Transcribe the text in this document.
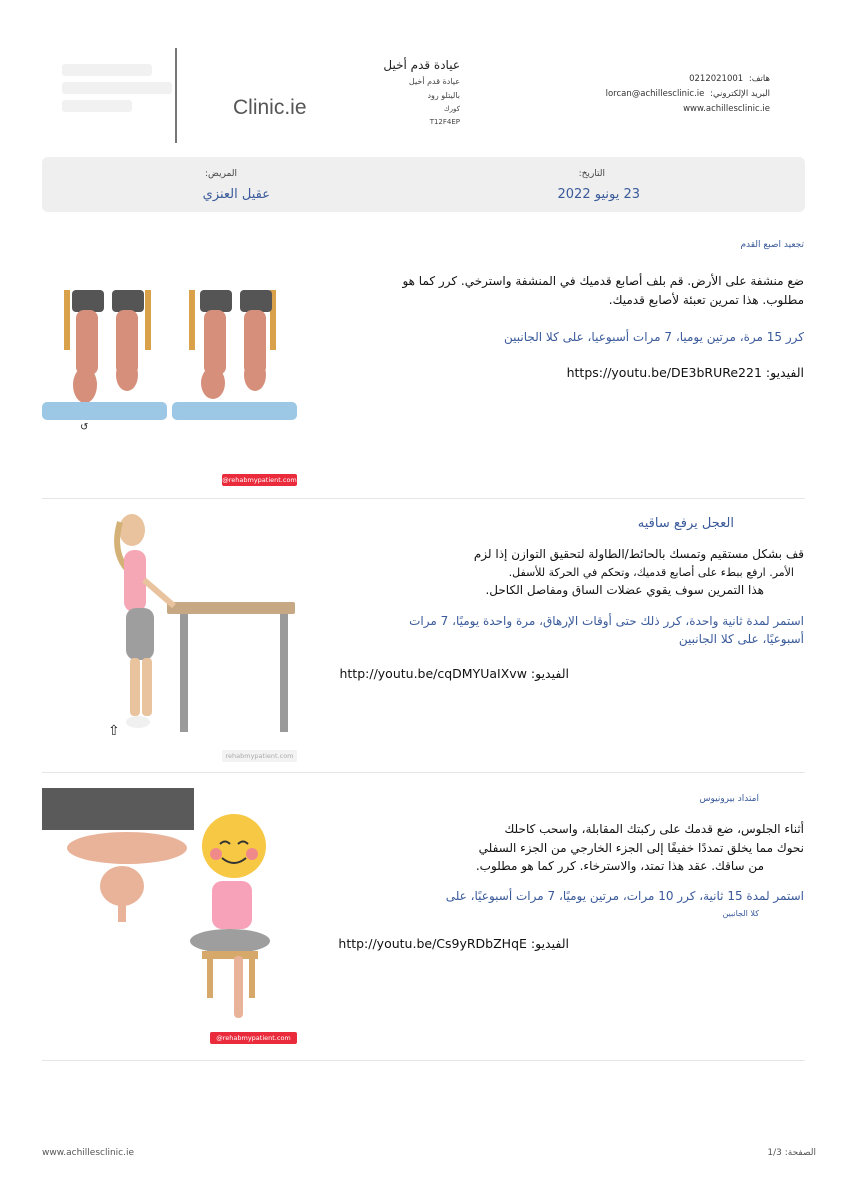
Clinic.ie
عيادة قدم أخيل
عيادة قدم أخيل
باليتلو رود
كورك
T12F4EP
هاتف: 0212021001
البريد الإلكتروني: lorcan@achillesclinic.ie
www.achillesclinic.ie
التاريخ:
23 يونيو 2022
المريض:
عقيل العنزي
↺
@rehabmypatient.com
تجعيد اصبع القدم
ضع منشفة على الأرض. قم بلف أصابع قدميك في المنشفة واسترخي. كرر كما هو مطلوب. هذا تمرين تعبئة لأصابع قدميك.
كرر 15 مرة، مرتين يوميا، 7 مرات أسبوعيا، على كلا الجانبين
الفيديو: https://youtu.be/DE3bRURe221
⇧
rehabmypatient.com
العجل يرفع ساقيه
قف بشكل مستقيم وتمسك بالحائط/الطاولة لتحقيق التوازن إذا لزم
الأمر. ارفع ببطء على أصابع قدميك، وتحكم في الحركة للأسفل.
هذا التمرين سوف يقوي عضلات الساق ومفاصل الكاحل.
استمر لمدة ثانية واحدة، كرر ذلك حتى أوقات الإرهاق، مرة واحدة يوميًا، 7 مرات
أسبوعيًا، على كلا الجانبين
الفيديو: http://youtu.be/cqDMYUaIXvw
@rehabmypatient.com
امتداد بيرونيوس
أثناء الجلوس، ضع قدمك على ركبتك المقابلة، واسحب كاحلك
نحوك مما يخلق تمددًا خفيفًا إلى الجزء الخارجي من الجزء السفلي
من ساقك. عقد هذا تمتد، والاسترخاء. كرر كما هو مطلوب.
استمر لمدة 15 ثانية، كرر 10 مرات، مرتين يوميًا، 7 مرات أسبوعيًا، على
كلا الجانبين
الفيديو: http://youtu.be/Cs9yRDbZHqE
www.achillesclinic.ie	الصفحة: 1/3
